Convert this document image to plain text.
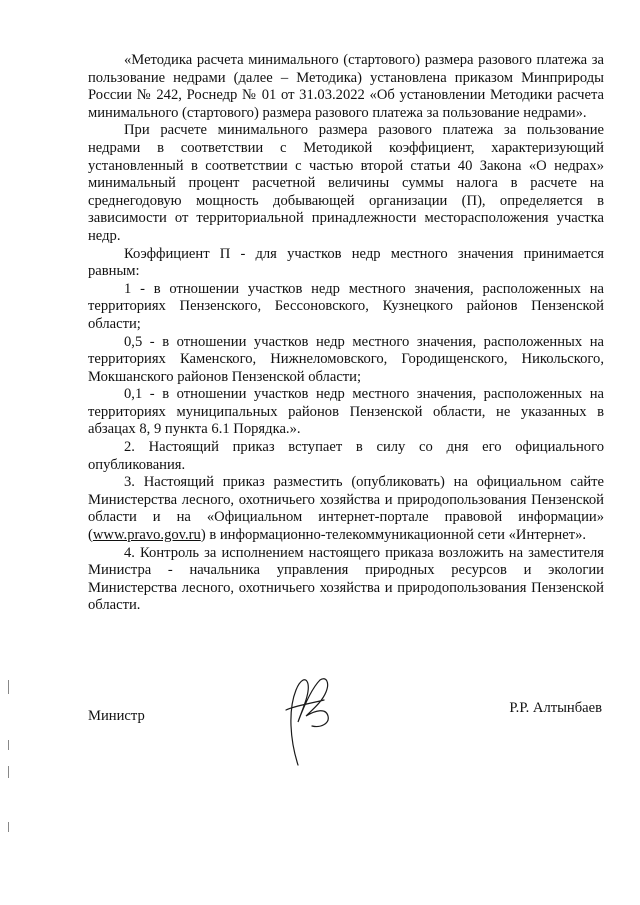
«Методика расчета минимального (стартового) размера разового платежа за пользование недрами (далее – Методика) установлена приказом Минприроды России № 242, Роснедр № 01 от 31.03.2022 «Об установлении Методики расчета минимального (стартового) размера разового платежа за пользование недрами».

При расчете минимального размера разового платежа за пользование недрами в соответствии с Методикой коэффициент, характеризующий установленный в соответствии с частью второй статьи 40 Закона «О недрах» минимальный процент расчетной величины суммы налога в расчете на среднегодовую мощность добывающей организации (П), определяется в зависимости от территориальной принадлежности месторасположения участка недр.

Коэффициент П - для участков недр местного значения принимается равным:

1 - в отношении участков недр местного значения, расположенных на территориях Пензенского, Бессоновского, Кузнецкого районов Пензенской области;

0,5 - в отношении участков недр местного значения, расположенных на территориях Каменского, Нижнеломовского, Городищенского, Никольского, Мокшанского районов Пензенской области;

0,1 - в отношении участков недр местного значения, расположенных на территориях муниципальных районов Пензенской области, не указанных в абзацах 8, 9 пункта 6.1 Порядка.».

2. Настоящий приказ вступает в силу со дня его официального опубликования.

3. Настоящий приказ разместить (опубликовать) на официальном сайте Министерства лесного, охотничьего хозяйства и природопользования Пензенской области и на «Официальном интернет-портале правовой информации» (www.pravo.gov.ru) в информационно-телекоммуникационной сети «Интернет».

4. Контроль за исполнением настоящего приказа возложить на заместителя Министра - начальника управления природных ресурсов и экологии Министерства лесного, охотничьего хозяйства и природопользования Пензенской области.

Министр	Р.Р. Алтынбаев
